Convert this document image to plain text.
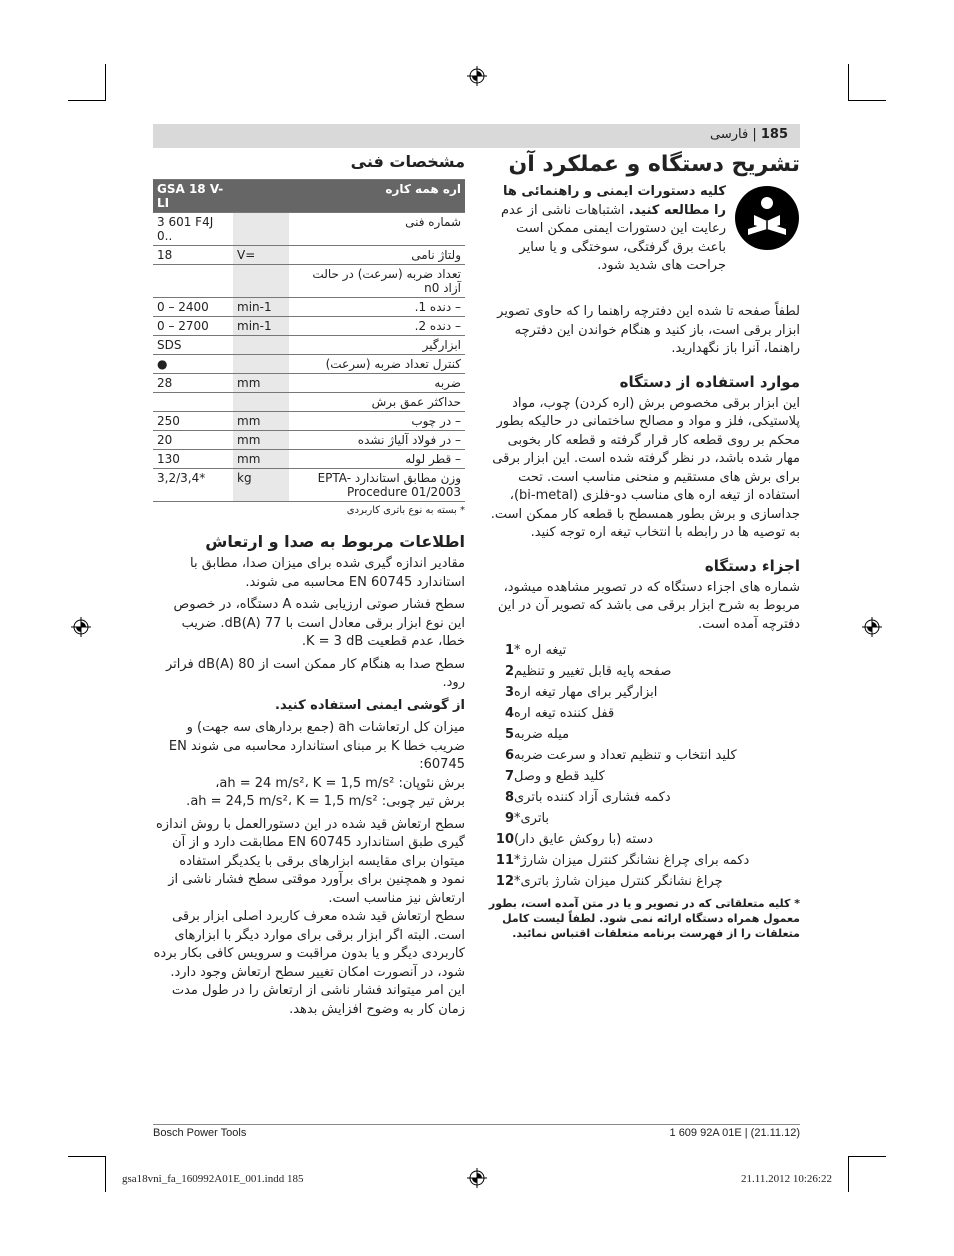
185 | فارسی
تشریح دستگاه و عملکرد آن
کلیه دستورات ایمنی و راهنمائی ها را مطالعه کنید. اشتباهات ناشی از عدم رعایت این دستورات ایمنی ممکن است باعث برق گرفتگی، سوختگی و یا سایر جراحت های شدید شود.
لطفاً صفحه تا شده این دفترچه راهنما را که حاوی تصویر ابزار برقی است، باز کنید و هنگام خواندن این دفترچه راهنما، آنرا باز نگهدارید.
موارد استفاده از دستگاه
این ابزار برقی مخصوص برش (اره کردن) چوب، مواد پلاستیکی، فلز و مواد و مصالح ساختمانی در حالیکه بطور محکم بر روی قطعه کار قرار گرفته و قطعه کار بخوبی مهار شده باشد، در نظر گرفته شده است. این ابزار برقی برای برش های مستقیم و منحنی مناسب است. تحت استفاده از تیغه اره های مناسب دو-فلزی (bi-metal)، جداسازی و برش بطور همسطح با قطعه کار ممکن است. به توصیه ها در رابطه با انتخاب تیغه اره توجه کنید.
اجزاء دستگاه
شماره های اجزاء دستگاه که در تصویر مشاهده میشود، مربوط به شرح ابزار برقی می باشد که تصویر آن در این دفترچه آمده است.
1 تیغه اره *
2 صفحه پایه قابل تغییر و تنظیم
3 ابزارگیر برای مهار تیغه اره
4 قفل کننده تیغه اره
5 میله ضربه
6 کلید انتخاب و تنظیم تعداد و سرعت ضربه
7 کلید قطع و وصل
8 دکمه فشاری آزاد کننده باتری
9 باتری*
10 دسته (با روکش عایق دار)
11 دکمه برای چراغ نشانگر کنترل میزان شارژ*
12 چراغ نشانگر کنترل میزان شارژ باتری*
* کلیه متعلقاتی که در تصویر و یا در متن آمده است، بطور معمول همراه دستگاه ارائه نمی شود. لطفاً لیست کامل متعلقات را از فهرست برنامه متعلقات اقتباس نمائید.
مشخصات فنی
اره همه کاره		GSA 18 V-LI
شماره فنی		3 601 F4J 0..
ولتاژ نامی	V=	18
تعداد ضربه (سرعت) در حالت آزاد n0		
– دنده 1.	min-1	0 – 2400
– دنده 2.	min-1	0 – 2700
ابزارگیر		SDS
کنترل تعداد ضربه (سرعت)		●
ضربه	mm	28
حداکثر عمق برش		
– در چوب	mm	250
– در فولاد آلیاژ نشده	mm	20
– قطر لوله	mm	130
وزن مطابق استاندارد EPTA-Procedure 01/2003	kg	3,2/3,4*
* بسته به نوع باتری کاربردی
اطلاعات مربوط به صدا و ارتعاش
مقادیر اندازه گیری شده برای میزان صدا، مطابق با استاندارد EN 60745 محاسبه می شوند.
سطح فشار صوتی ارزیابی شده A دستگاه، در خصوص این نوع ابزار برقی معادل است با 77 dB(A). ضریب خطا، عدم قطعیت K = 3 dB.
سطح صدا به هنگام کار ممکن است از 80 dB(A) فراتر رود.
از گوشی ایمنی استفاده کنید.
میزان کل ارتعاشات ah (جمع بردارهای سه جهت) و ضریب خطا K بر مبنای استاندارد محاسبه می شوند EN 60745:
برش نئوپان: ah = 24 m/s²، K = 1,5 m/s²،
برش تیر چوبی: ah = 24,5 m/s²، K = 1,5 m/s².
سطح ارتعاش قید شده در این دستورالعمل با روش اندازه گیری طبق استاندارد EN 60745 مطابقت دارد و از آن میتوان برای مقایسه ابزارهای برقی با یکدیگر استفاده نمود و همچنین برای برآورد موقتی سطح فشار ناشی از ارتعاش نیز مناسب است.
سطح ارتعاش قید شده معرف کاربرد اصلی ابزار برقی است. البته اگر ابزار برقی برای موارد دیگر با ابزارهای کاربردی دیگر و یا بدون مراقبت و سرویس کافی بکار برده شود، در آنصورت امکان تغییر سطح ارتعاش وجود دارد. این امر میتواند فشار ناشی از ارتعاش را در طول مدت زمان کار به وضوح افزایش بدهد.
Bosch Power Tools	1 609 92A 01E | (21.11.12)
gsa18vni_fa_160992A01E_001.indd 185	21.11.2012 10:26:22
